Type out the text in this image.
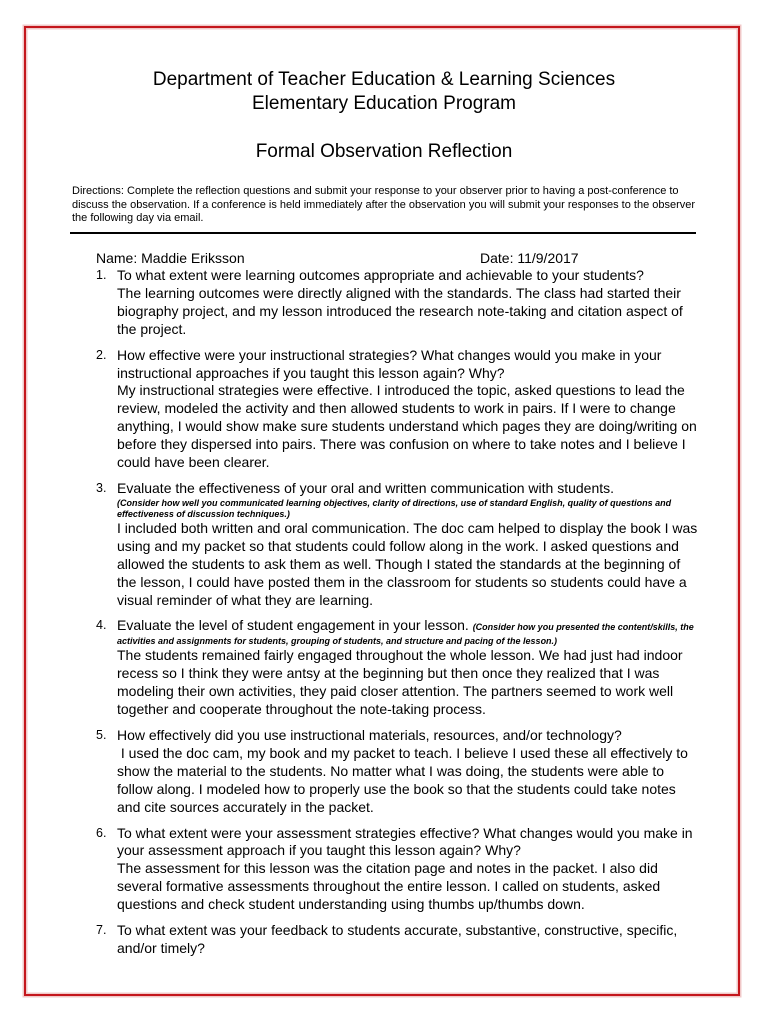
Department of Teacher Education & Learning Sciences
Elementary Education Program
Formal Observation Reflection
Directions: Complete the reflection questions and submit your response to your observer prior to having a post-conference to discuss the observation. If a conference is held immediately after the observation you will submit your responses to the observer the following day via email.
Name: Maddie Eriksson	Date: 11/9/2017
1. To what extent were learning outcomes appropriate and achievable to your students?
The learning outcomes were directly aligned with the standards. The class had started their biography project, and my lesson introduced the research note-taking and citation aspect of the project.
2. How effective were your instructional strategies? What changes would you make in your instructional approaches if you taught this lesson again? Why?
My instructional strategies were effective. I introduced the topic, asked questions to lead the review, modeled the activity and then allowed students to work in pairs. If I were to change anything, I would show make sure students understand which pages they are doing/writing on before they dispersed into pairs. There was confusion on where to take notes and I believe I could have been clearer.
3. Evaluate the effectiveness of your oral and written communication with students.
(Consider how well you communicated learning objectives, clarity of directions, use of standard English, quality of questions and effectiveness of discussion techniques.)
I included both written and oral communication. The doc cam helped to display the book I was using and my packet so that students could follow along in the work. I asked questions and allowed the students to ask them as well. Though I stated the standards at the beginning of the lesson, I could have posted them in the classroom for students so students could have a visual reminder of what they are learning.
4. Evaluate the level of student engagement in your lesson. (Consider how you presented the content/skills, the activities and assignments for students, grouping of students, and structure and pacing of the lesson.)
The students remained fairly engaged throughout the whole lesson. We had just had indoor recess so I think they were antsy at the beginning but then once they realized that I was modeling their own activities, they paid closer attention. The partners seemed to work well together and cooperate throughout the note-taking process.
5. How effectively did you use instructional materials, resources, and/or technology?
I used the doc cam, my book and my packet to teach. I believe I used these all effectively to show the material to the students. No matter what I was doing, the students were able to follow along. I modeled how to properly use the book so that the students could take notes and cite sources accurately in the packet.
6. To what extent were your assessment strategies effective? What changes would you make in your assessment approach if you taught this lesson again? Why?
The assessment for this lesson was the citation page and notes in the packet. I also did several formative assessments throughout the entire lesson. I called on students, asked questions and check student understanding using thumbs up/thumbs down.
7. To what extent was your feedback to students accurate, substantive, constructive, specific, and/or timely?
